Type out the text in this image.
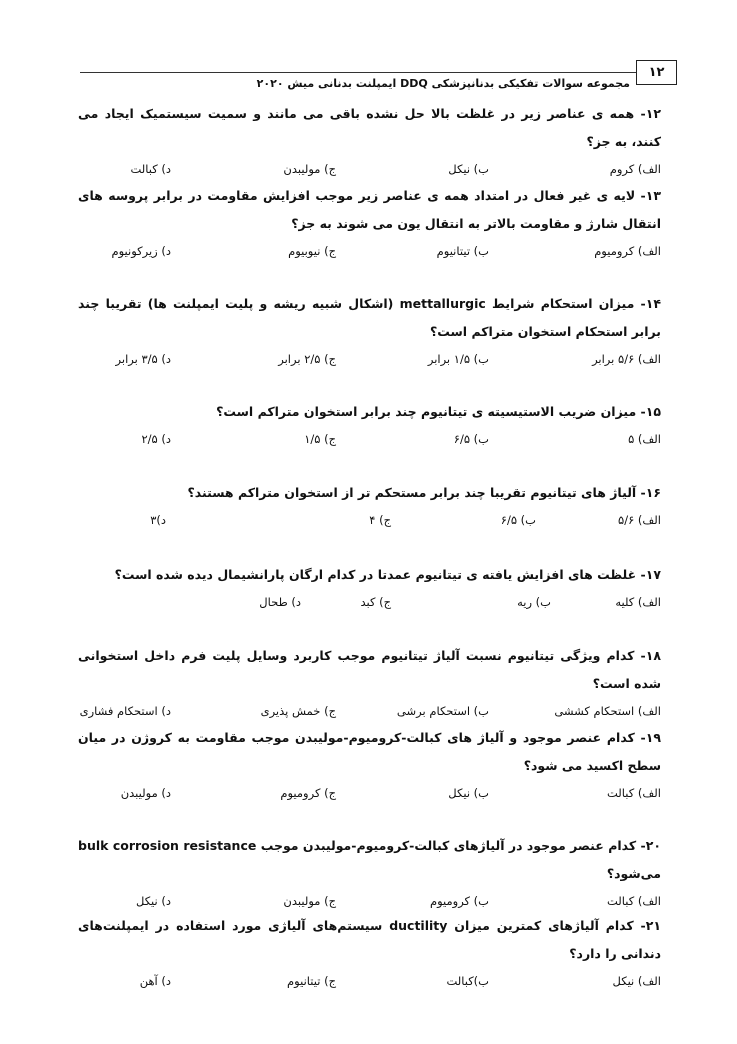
۱۲
مجموعه سوالات تفکیکی بدنانپزشکی DDQ ایمپلنت بدنانی میش ۲۰۲۰
۱۲- همه ی عناصر زیر در غلظت بالا حل نشده باقی می مانند و سمیت سیستمیک ایجاد می کنند، به جز؟
الف) کروم
ب) نیکل
ج) مولیبدن
د) کبالت
۱۳- لایه ی غیر فعال در امتداد همه ی عناصر زیر موجب افزایش مقاومت در برابر پروسه های انتقال شارژ و مقاومت بالاتر به انتقال یون می شوند به جز؟
الف) کرومیوم
ب) تیتانیوم
ج) نیوبیوم
د) زیرکونیوم
۱۴- میزان استحکام شرایط mettallurgic (اشکال شبیه ریشه و پلیت ایمپلنت ها) تقریبا چند برابر استحکام استخوان متراکم است؟
الف) ۵/۶ برابر
ب) ۱/۵ برابر
ج) ۲/۵ برابر
د) ۳/۵ برابر
۱۵- میزان ضریب الاستیسیته ی تیتانیوم چند برابر استخوان متراکم است؟
الف) ۵
ب) ۶/۵
ج) ۱/۵
د) ۲/۵
۱۶- آلیاژ های تیتانیوم تقریبا چند برابر مستحکم تر از استخوان متراکم هستند؟
الف) ۵/۶
ب) ۶/۵
ج) ۴
د)۳
۱۷- غلظت های افزایش یافته ی تیتانیوم عمدتا در کدام ارگان پارانشیمال دیده شده است؟
الف) کلیه
ب) ریه
ج) کبد
د) طحال
۱۸- کدام ویژگی تیتانیوم نسبت آلیاژ تیتانیوم موجب کاربرد وسایل پلیت فرم داخل استخوانی شده است؟
الف) استحکام کششی
ب) استحکام برشی
ج) خمش پذیری
د) استحکام فشاری
۱۹- کدام عنصر موجود و آلیاژ های کبالت-کرومیوم-مولیبدن موجب مقاومت به کروژن در میان سطح اکسید می شود؟
الف) کبالت
ب) نیکل
ج) کرومیوم
د) مولیبدن
۲۰- کدام عنصر موجود در آلیاژهای کبالت-کرومیوم-مولیبدن موجب bulk corrosion resistance می‌شود؟
الف) کبالت
ب) کرومیوم
ج) مولیبدن
د) نیکل
۲۱- کدام آلیاژهای کمترین میزان ductility سیستم‌های آلیاژی مورد استفاده در ایمپلنت‌های دندانی را دارد؟
الف) نیکل
ب)کبالت
ج) تیتانیوم
د) آهن
